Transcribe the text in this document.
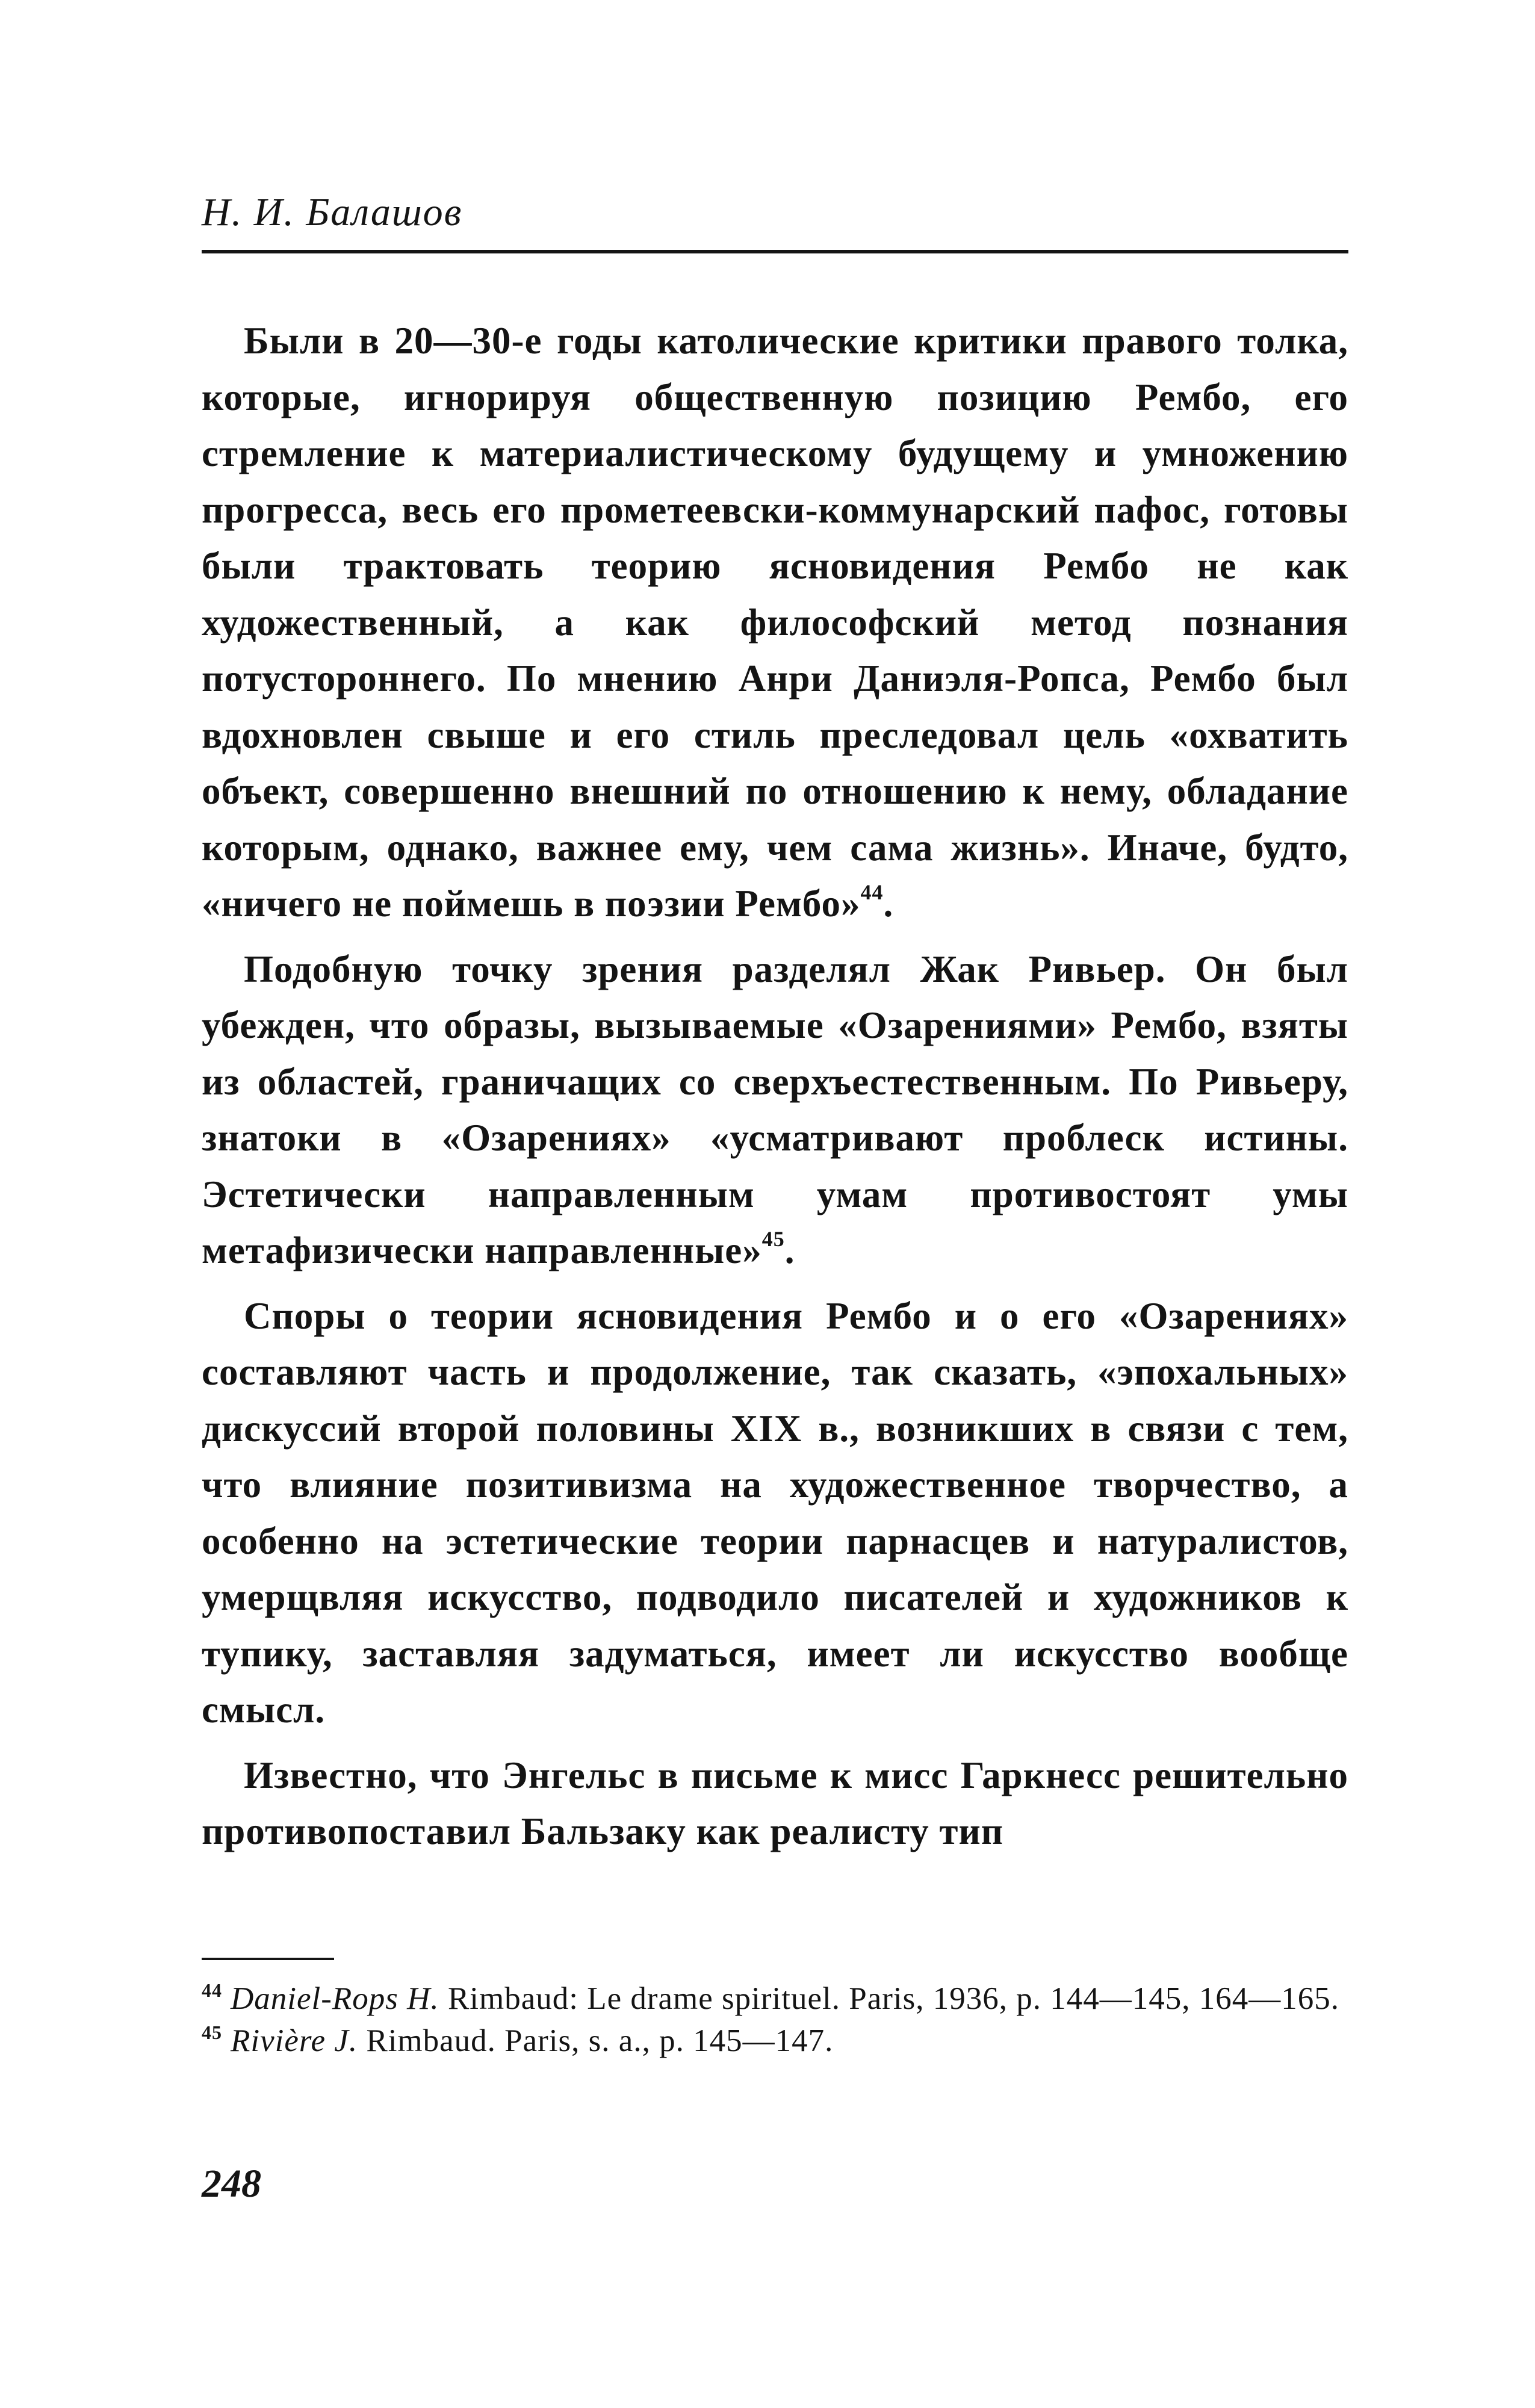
Н. И. Балашов

Были в 20—30-е годы католические критики правого толка, которые, игнорируя общественную позицию Рембо, его стремление к материалистическому будущему и умножению прогресса, весь его прометеевски-коммунарский пафос, готовы были трактовать теорию ясновидения Рембо не как художественный, а как философский метод познания потустороннего. По мнению Анри Даниэля-Ропса, Рембо был вдохновлен свыше и его стиль преследовал цель «охватить объект, совершенно внешний по отношению к нему, обладание которым, однако, важнее ему, чем сама жизнь». Иначе, будто, «ничего не поймешь в поэзии Рембо»$^{44}$.

Подобную точку зрения разделял Жак Ривьер. Он был убежден, что образы, вызываемые «Озарениями» Рембо, взяты из областей, граничащих со сверхъестественным. По Ривьеру, знатоки в «Озарениях» «усматривают проблеск истины. Эстетически направленным умам противостоят умы метафизически направленные»$^{45}$.

Споры о теории ясновидения Рембо и о его «Озарениях» составляют часть и продолжение, так сказать, «эпохальных» дискуссий второй половины XIX в., возникших в связи с тем, что влияние позитивизма на художественное творчество, а особенно на эстетические теории парнасцев и натуралистов, умерщвляя искусство, подводило писателей и художников к тупику, заставляя задуматься, имеет ли искусство вообще смысл.

Известно, что Энгельс в письме к мисс Гаркнесс решительно противопоставил Бальзаку как реалисту тип

$^{44}$ Daniel-Rops H. Rimbaud: Le drame spirituel. Paris, 1936, p. 144—145, 164—165.

$^{45}$ Rivière J. Rimbaud. Paris, s. a., p. 145—147.

248
